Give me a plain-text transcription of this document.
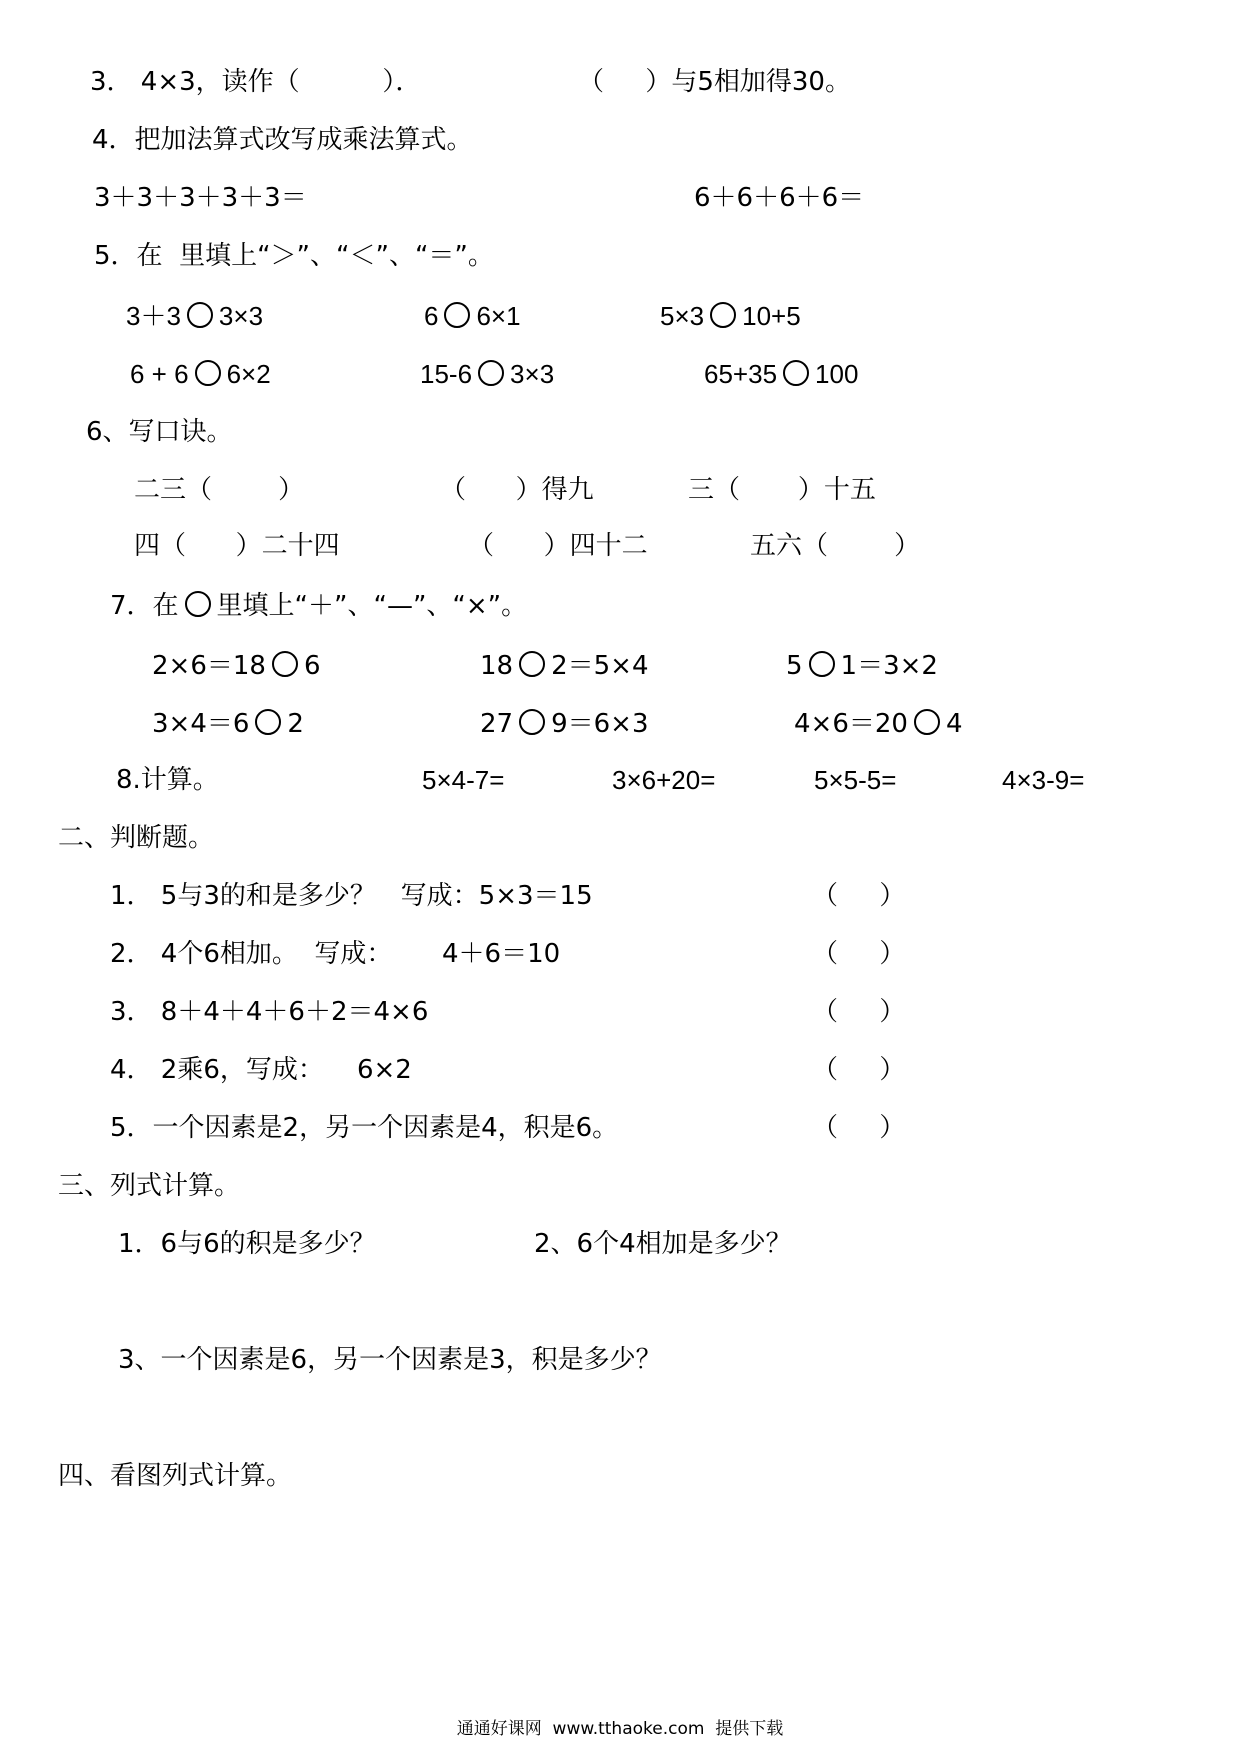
3． 4×3，读作（          ）．	（     ）与5相加得30。
4．把加法算式改写成乘法算式。
3＋3＋3＋3＋3＝	6＋6＋6＋6＝
5．在  里填上“＞”、“＜”、“＝”。
3＋3 3×3	6 6×1	5×3 10+5
6 + 6 6×2	15-6 3×3	65+35 100
6、写口诀。
二三（        ）	（      ）得九	三（       ）十五
四（      ）二十四	（      ）四十二	五六（        ）
7．在 里填上“＋”、“—”、“×”。
2×6＝18 6	18 2＝5×4	5 1＝3×2
3×4＝6 2	27 9＝6×3	4×6＝20 4
8.计算。	5×4-7=	3×6+20=	5×5-5=	4×3-9=
二、判断题。
1． 5与3的和是多少？   写成：5×3＝15	（     ）
2． 4个6相加。  写成：      4＋6＝10	（     ）
3． 8＋4＋4＋6＋2＝4×6	（     ）
4． 2乘6，写成：    6×2	（     ）
5．一个因素是2，另一个因素是4，积是6。	（     ）
三、列式计算。
1．6与6的积是多少？	2、6个4相加是多少？
3、一个因素是6，另一个因素是3，积是多少？
四、看图列式计算。
通通好课网  www.tthaoke.com  提供下载
